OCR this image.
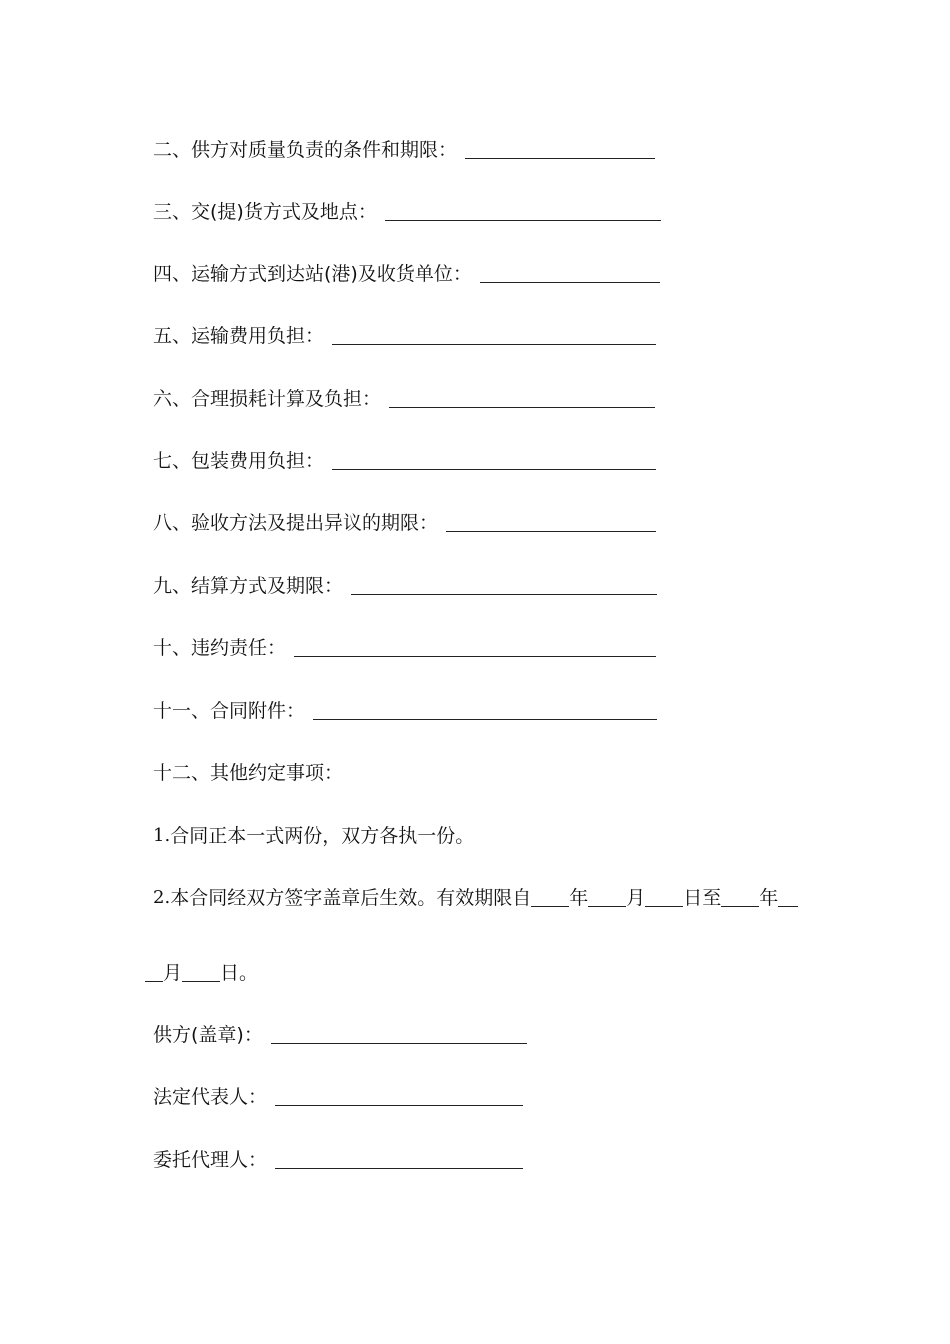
二、供方对质量负责的条件和期限：
三、交(提)货方式及地点：
四、运输方式到达站(港)及收货单位：
五、运输费用负担：
六、合理损耗计算及负担：
七、包装费用负担：
八、验收方法及提出异议的期限：
九、结算方式及期限：
十、违约责任：
十一、合同附件：
十二、其他约定事项：
1. 合同正本一式两份，双方各执一份。
2. 本合同经双方签字盖章后生效。有效期限自 年 月 日至 年
月 日。
供方(盖章)：
法定代表人：
委托代理人：
